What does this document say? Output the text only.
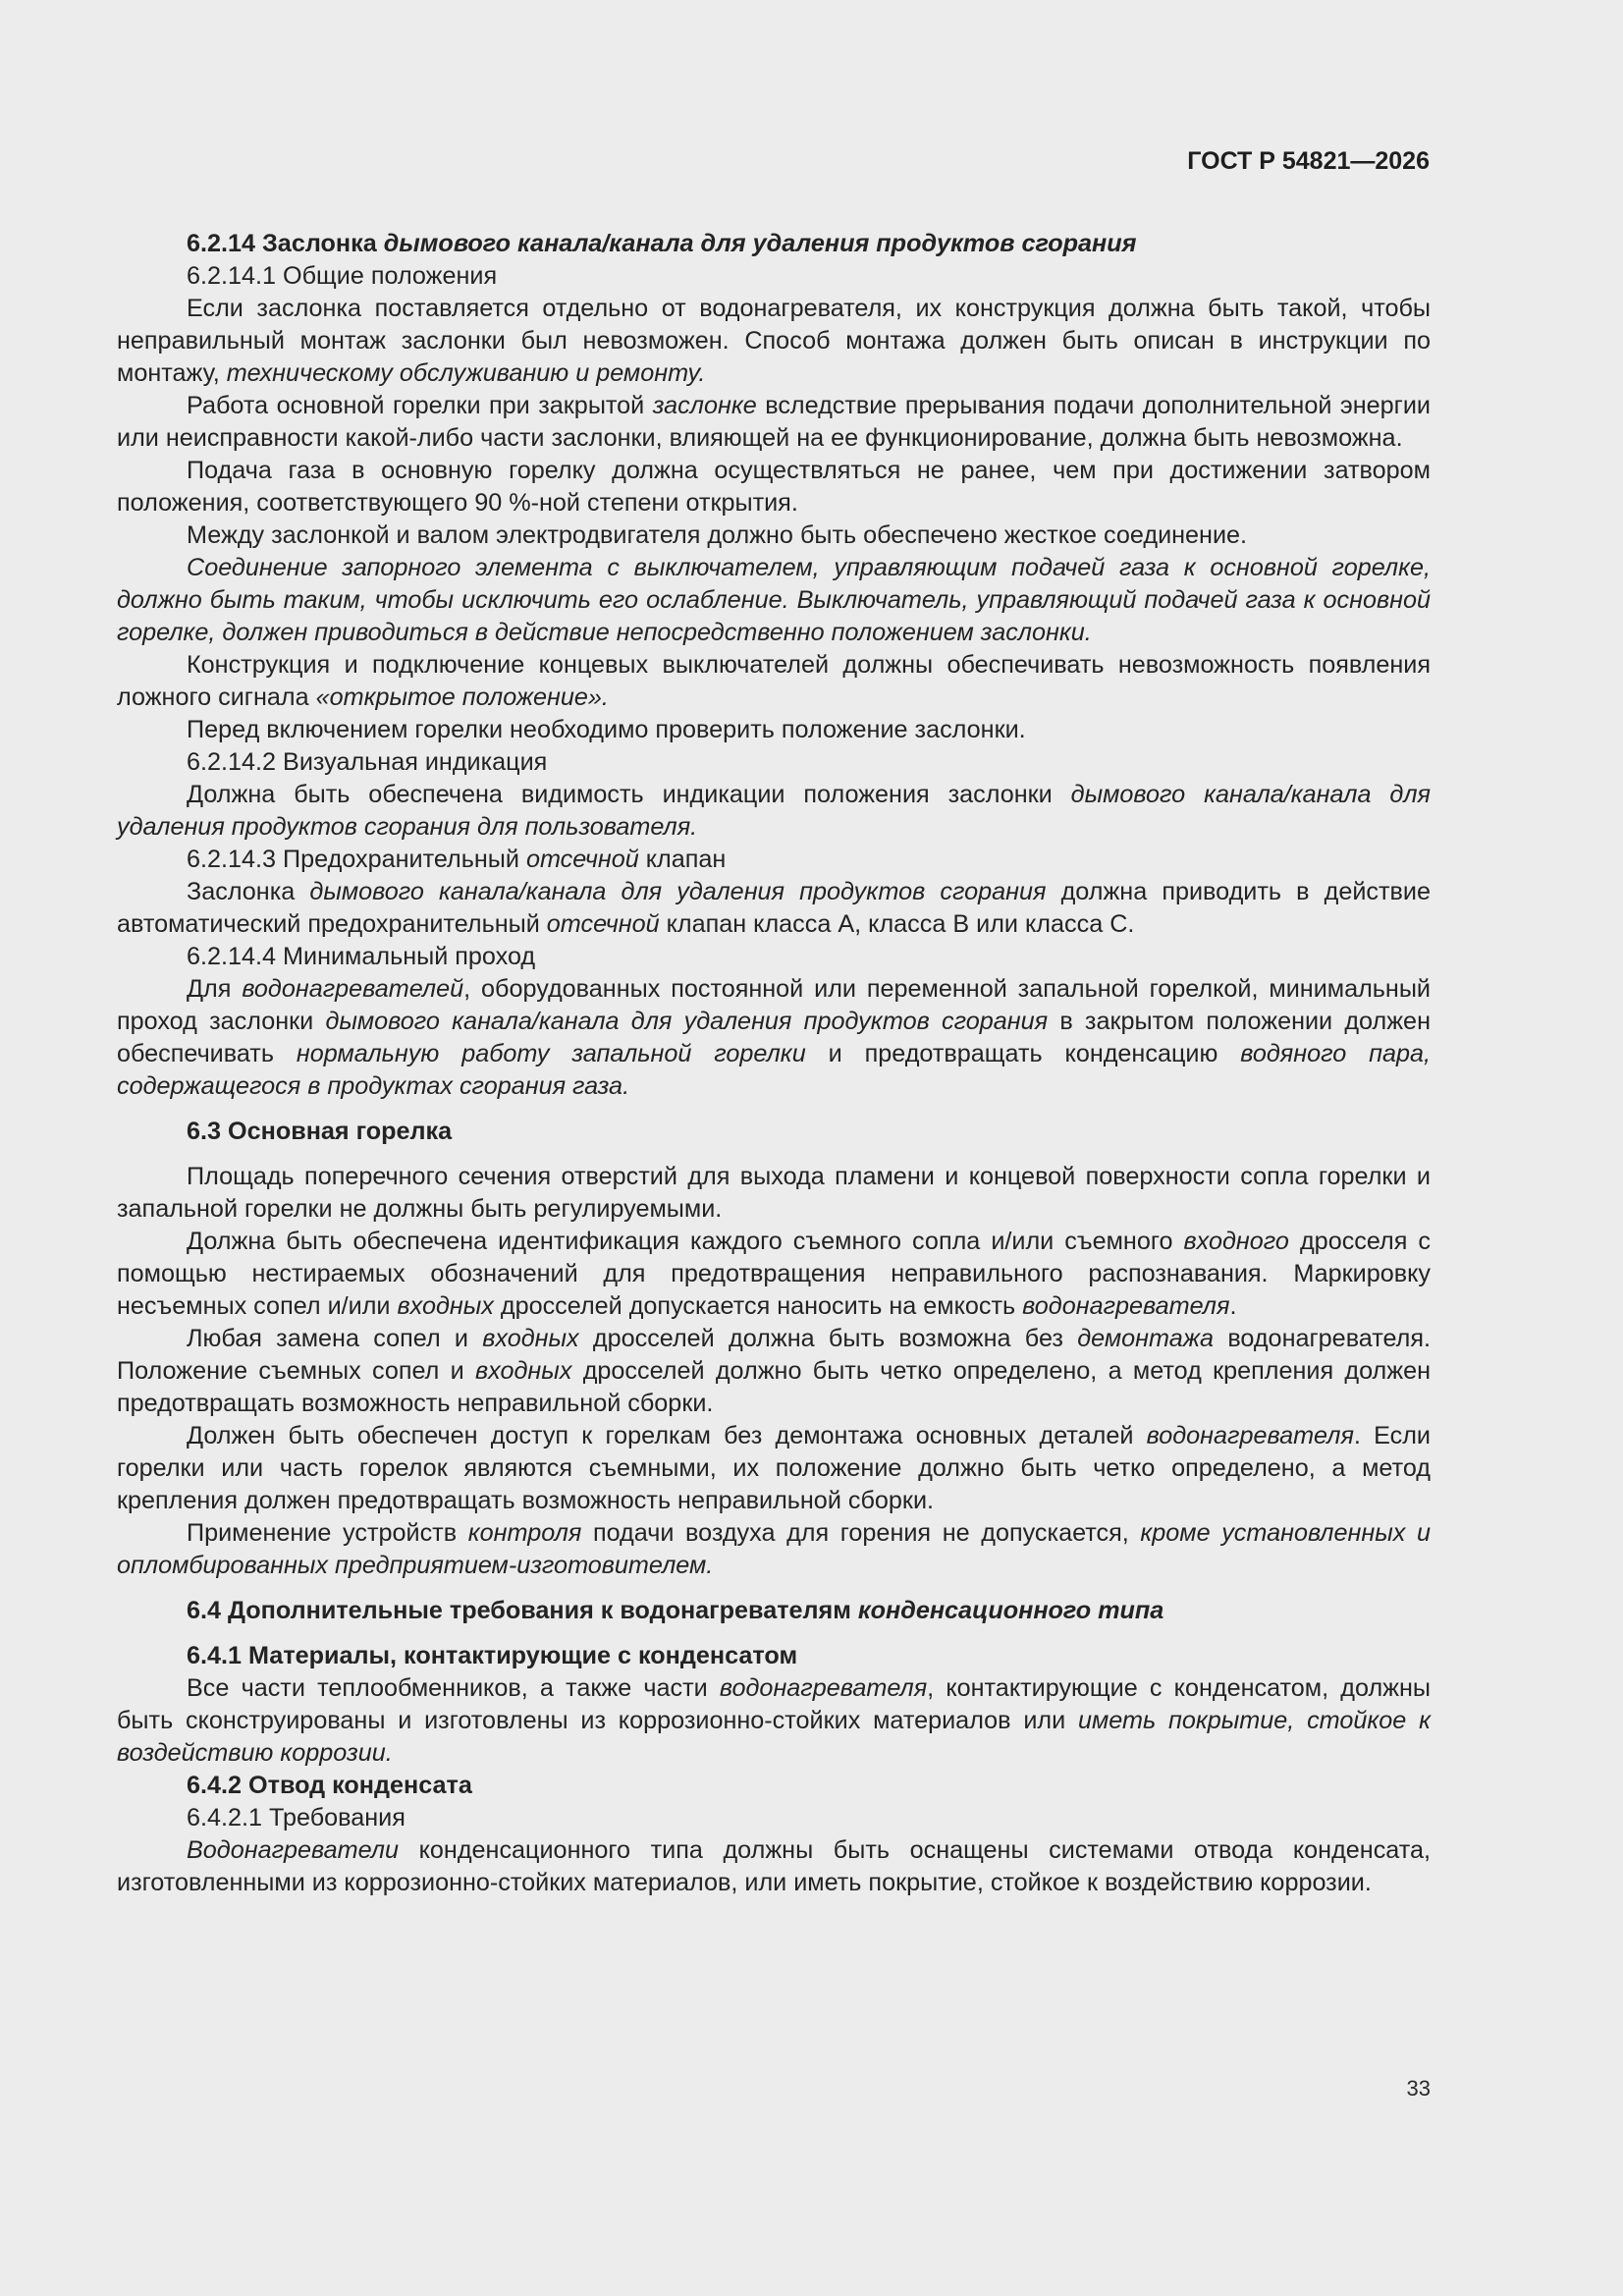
ГОСТ Р 54821—2026

6.2.14 Заслонка дымового канала/канала для удаления продуктов сгорания

6.2.14.1 Общие положения

Если заслонка поставляется отдельно от водонагревателя, их конструкция должна быть такой, чтобы неправильный монтаж заслонки был невозможен. Способ монтажа должен быть описан в инструкции по монтажу, техническому обслуживанию и ремонту.

Работа основной горелки при закрытой заслонке вследствие прерывания подачи дополнительной энергии или неисправности какой-либо части заслонки, влияющей на ее функционирование, должна быть невозможна.

Подача газа в основную горелку должна осуществляться не ранее, чем при достижении затвором положения, соответствующего 90 %-ной степени открытия.

Между заслонкой и валом электродвигателя должно быть обеспечено жесткое соединение.

Соединение запорного элемента с выключателем, управляющим подачей газа к основной горелке, должно быть таким, чтобы исключить его ослабление. Выключатель, управляющий подачей газа к основной горелке, должен приводиться в действие непосредственно положением заслонки.

Конструкция и подключение концевых выключателей должны обеспечивать невозможность появления ложного сигнала «открытое положение».

Перед включением горелки необходимо проверить положение заслонки.

6.2.14.2 Визуальная индикация

Должна быть обеспечена видимость индикации положения заслонки дымового канала/канала для удаления продуктов сгорания для пользователя.

6.2.14.3 Предохранительный отсечной клапан

Заслонка дымового канала/канала для удаления продуктов сгорания должна приводить в действие автоматический предохранительный отсечной клапан класса А, класса В или класса С.

6.2.14.4 Минимальный проход

Для водонагревателей, оборудованных постоянной или переменной запальной горелкой, минимальный проход заслонки дымового канала/канала для удаления продуктов сгорания в закрытом положении должен обеспечивать нормальную работу запальной горелки и предотвращать конденсацию водяного пара, содержащегося в продуктах сгорания газа.

6.3 Основная горелка

Площадь поперечного сечения отверстий для выхода пламени и концевой поверхности сопла горелки и запальной горелки не должны быть регулируемыми.

Должна быть обеспечена идентификация каждого съемного сопла и/или съемного входного дросселя с помощью нестираемых обозначений для предотвращения неправильного распознавания. Маркировку несъемных сопел и/или входных дросселей допускается наносить на емкость водонагревателя.

Любая замена сопел и входных дросселей должна быть возможна без демонтажа водонагревателя. Положение съемных сопел и входных дросселей должно быть четко определено, а метод крепления должен предотвращать возможность неправильной сборки.

Должен быть обеспечен доступ к горелкам без демонтажа основных деталей водонагревателя. Если горелки или часть горелок являются съемными, их положение должно быть четко определено, а метод крепления должен предотвращать возможность неправильной сборки.

Применение устройств контроля подачи воздуха для горения не допускается, кроме установленных и опломбированных предприятием-изготовителем.

6.4 Дополнительные требования к водонагревателям конденсационного типа

6.4.1 Материалы, контактирующие с конденсатом

Все части теплообменников, а также части водонагревателя, контактирующие с конденсатом, должны быть сконструированы и изготовлены из коррозионно-стойких материалов или иметь покрытие, стойкое к воздействию коррозии.

6.4.2 Отвод конденсата

6.4.2.1 Требования

Водонагреватели конденсационного типа должны быть оснащены системами отвода конденсата, изготовленными из коррозионно-стойких материалов, или иметь покрытие, стойкое к воздействию коррозии.

33
